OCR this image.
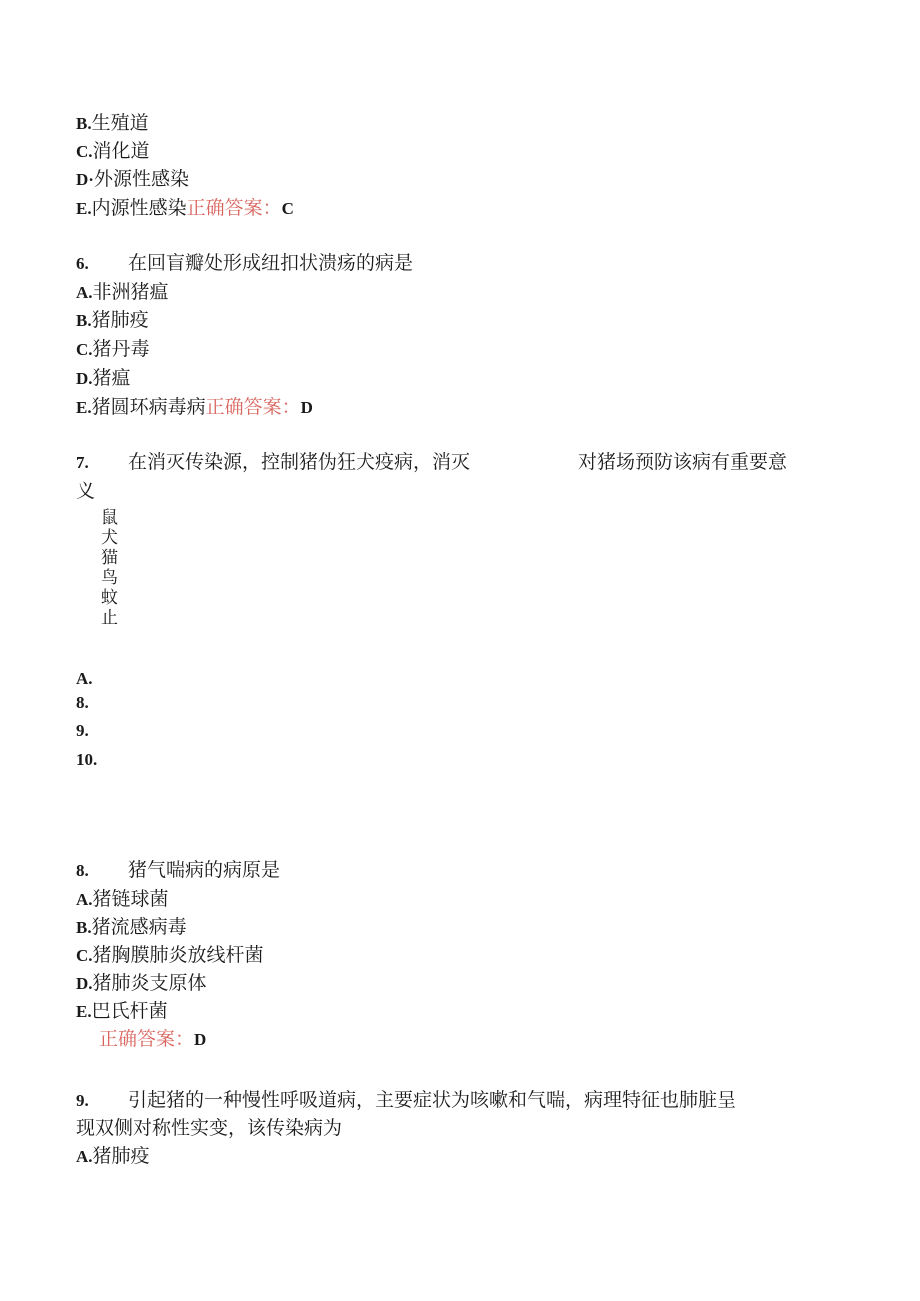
B.生殖道
C.消化道
D·外源性感染
E.内源性感染正确答案：C
6. 在回盲瓣处形成纽扣状溃疡的病是
A.非洲猪瘟
B.猪肺疫
C.猪丹毒
D.猪瘟
E.猪圆环病毒病正确答案：D
7. 在消灭传染源，控制猪伪狂犬疫病，消灭	对猪场预防该病有重要意
义
鼠
犬
猫
鸟
蚊
止
A.
8.
9.
10.
8. 猪气喘病的病原是
A.猪链球菌
B.猪流感病毒
C.猪胸膜肺炎放线杆菌
D.猪肺炎支原体
E.巴氏杆菌
正确答案：D
9. 引起猪的一种慢性呼吸道病，主要症状为咳嗽和气喘，病理特征也肺脏呈
现双侧对称性实变，该传染病为
A.猪肺疫
